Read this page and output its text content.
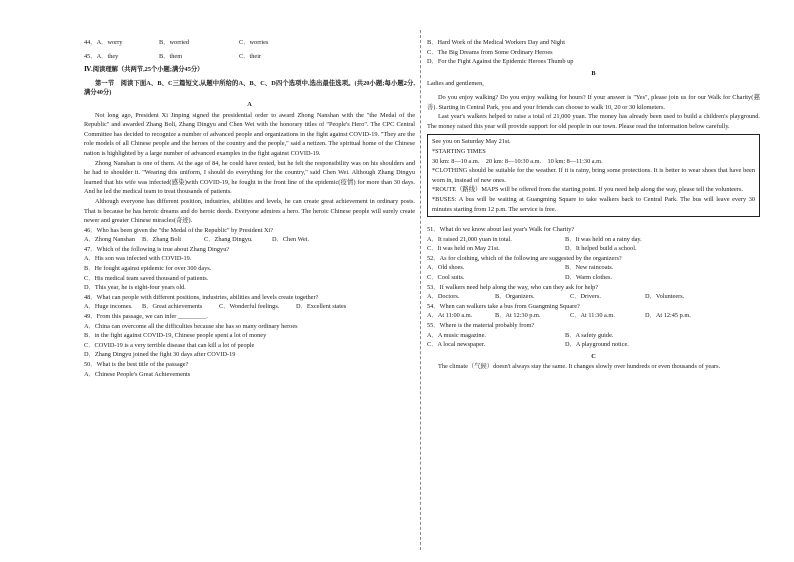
44．A．worry	B．worried	C．worries
45．A．they	B．them	C．their
Ⅳ.阅读理解（共两节,25个小题;满分45分）

第一节　阅读下面A、B、C三篇短文,从题中所给的A、B、C、D四个选项中,选出最佳选项。(共20小题;每小题2分,满分40分)

A

Not long ago, President Xi Jinping signed the presidential order to award Zhong Nanshan with the "the Medal of the Republic" and awarded Zhang Boli, Zhang Dingyu and Chen Wei with the honorary titles of "People's Hero". The CPC Central Committee has decided to recognize a number of advanced people and organizations in the fight against COVID-19. "They are the role models of all Chinese people and the heroes of the country and the people," said a netizen. The spiritual home of the Chinese nation is highlighted by a large number of advanced examples in the fight against COVID-19.

Zhong Nanshan is one of them. At the age of 84, he could have rested, but he felt the responsibility was on his shoulders and he had to shoulder it. "Wearing this uniform, I should do everything for the country," said Chen Wei. Although Zhang Dingyu learned that his wife was infected(感染)with COVID-19, he fought in the front line of the epidemic(疫情) for more than 30 days. And he led the medical team to treat thousands of patients.

Although everyone has different position, industries, abilities and levels, he can create great achievement in ordinary posts. That is because he has heroic dreams and do heroic deeds. Everyone admires a hero. The heroic Chinese people will surely create newer and greater Chinese miracles(奇迹).

46．Who has been given the "the Medal of the Republic" by President Xi?
A．Zhong Nanshan	B．Zhang Boli	C．Zhang Dingyu.	D．Chen Wei.
47．Which of the following is true about Zhang Dingyu?
A．His son was infected with COVID-19.
B．He fought against epidemic for over 300 days.
C．His medical team saved thousand of patients.
D．This year, he is eight-four years old.
48．What can people with different positions, industries, abilities and levels create together?
A．Huge incomes.	B．Great achievements	C．Wonderful feelings.	D．Excellent states
49．From this passage, we can infer _________.
A．China can overcome all the difficulties because she has so many ordinary heroes
B．in the fight against COVID-19, Chinese people spent a lot of money
C．COVID-19 is a very terrible disease that can kill a lot of people
D．Zhang Dingyu joined the fight 30 days after COVID-19
50．What is the best title of the passage?
A．Chinese People's Great Achievements
B．Hard Work of the Medical Workers Day and Night
C．The Big Dreams from Some Ordinary Heroes
D．For the Fight Against the Epidemic Heroes Thumb up
B
Ladies and gentlemen,

Do you enjoy walking? Do you enjoy walking for hours? If your answer is "Yes", please join us for our Walk for Charity(慈善). Starting in Central Park, you and your friends can choose to walk 10, 20 or 30 kilometers.

Last year's walkers helped to raise a total of 21,000 yuan. The money has already been used to build a children's playground. The money raised this year will provide support for old people in our town. Please read the information below carefully.

See you on Saturday May 21st.
*STARTING TIMES
30 km: 8—10 a.m.　20 km: 8—10:30 a.m.　10 km: 8—11:30 a.m.

*CLOTHING should be suitable for the weather. If it is rainy, bring some protections. It is better to wear shoes that have been worn in, instead of new ones.

*ROUTE（路线）MAPS will be offered from the starting point. If you need help along the way, please tell the volunteers.

*BUSES: A bus will be waiting at Guangming Square to take walkers back to Central Park. The bus will leave every 30 minutes starting from 12 p.m. The service is free.

51．What do we know about last year's Walk for Charity?
A．It raised 21,000 yuan in total.	B．It was held on a rainy day.
C．It was held on May 21st.	D．It helped build a school.
52．As for clothing, which of the following are suggested by the organizers?
A．Old shoes.	B．New raincoats.
C．Cool suits.	D．Warm clothes.
53．If walkers need help along the way, who can they ask for help?
A．Doctors.	B．Organizers.	C．Drivers.	D．Volunteers.
54．When can walkers take a bus from Guangming Square?
A．At 11:00 a.m.	B．At 12:30 p.m.	C．At 11:30 a.m.	D．At 12:45 p.m.
55．Where is the material probably from?
A．A music magazine.	B．A safety guide.
C．A local newspaper.	D．A playground notice.
C

The climate（气候）doesn't always stay the same. It changes slowly over hundreds or even thousands of years.
